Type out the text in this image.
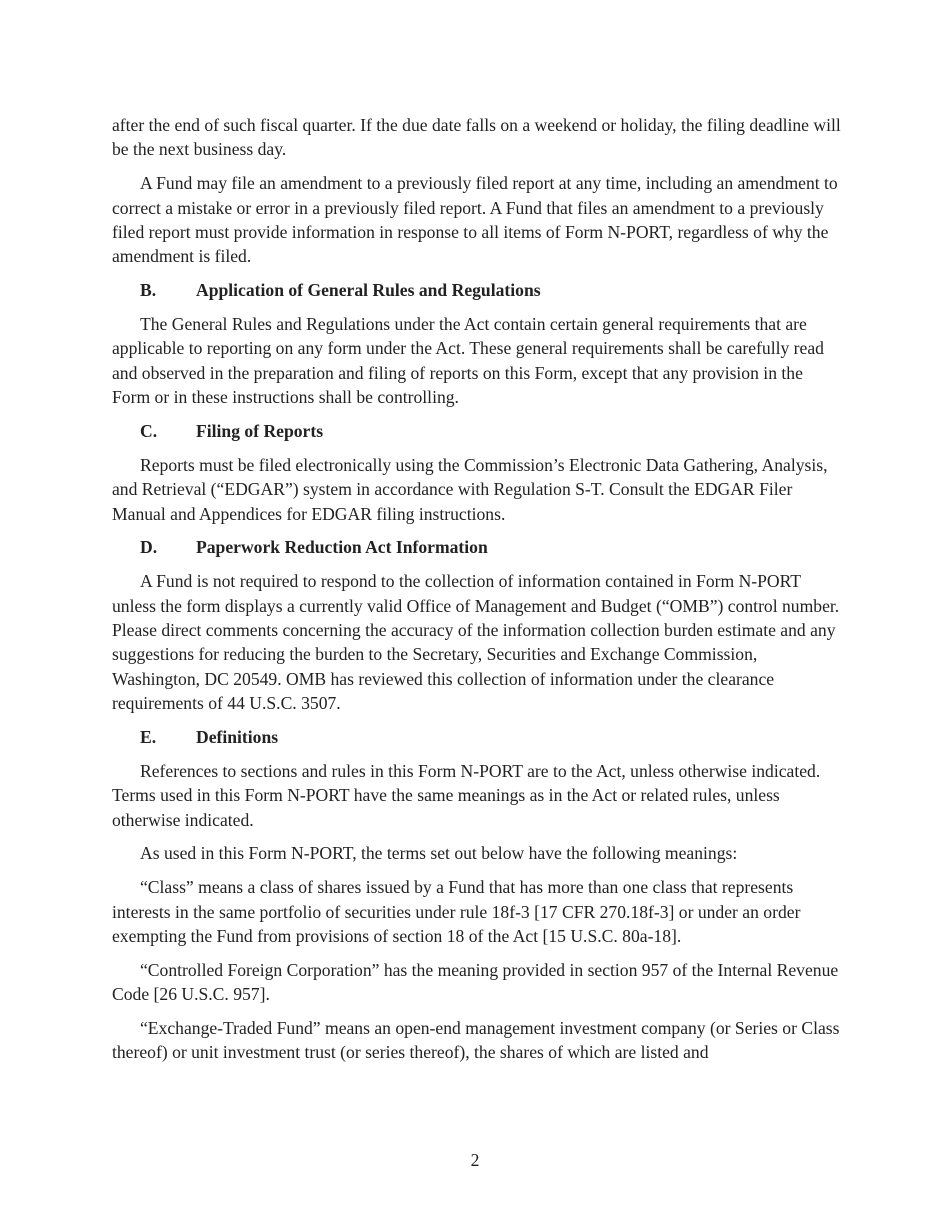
after the end of such fiscal quarter. If the due date falls on a weekend or holiday, the filing deadline will be the next business day.

A Fund may file an amendment to a previously filed report at any time, including an amendment to correct a mistake or error in a previously filed report. A Fund that files an amendment to a previously filed report must provide information in response to all items of Form N-PORT, regardless of why the amendment is filed.

B.	Application of General Rules and Regulations

The General Rules and Regulations under the Act contain certain general requirements that are applicable to reporting on any form under the Act. These general requirements shall be carefully read and observed in the preparation and filing of reports on this Form, except that any provision in the Form or in these instructions shall be controlling.

C.	Filing of Reports

Reports must be filed electronically using the Commission’s Electronic Data Gathering, Analysis, and Retrieval (“EDGAR”) system in accordance with Regulation S-T. Consult the EDGAR Filer Manual and Appendices for EDGAR filing instructions.

D.	Paperwork Reduction Act Information

A Fund is not required to respond to the collection of information contained in Form N-PORT unless the form displays a currently valid Office of Management and Budget (“OMB”) control number. Please direct comments concerning the accuracy of the information collection burden estimate and any suggestions for reducing the burden to the Secretary, Securities and Exchange Commission, Washington, DC 20549. OMB has reviewed this collection of information under the clearance requirements of 44 U.S.C. 3507.

E.	Definitions

References to sections and rules in this Form N-PORT are to the Act, unless otherwise indicated. Terms used in this Form N-PORT have the same meanings as in the Act or related rules, unless otherwise indicated.

As used in this Form N-PORT, the terms set out below have the following meanings:

“Class” means a class of shares issued by a Fund that has more than one class that represents interests in the same portfolio of securities under rule 18f-3 [17 CFR 270.18f-3] or under an order exempting the Fund from provisions of section 18 of the Act [15 U.S.C. 80a-18].

“Controlled Foreign Corporation” has the meaning provided in section 957 of the Internal Revenue Code [26 U.S.C. 957].

“Exchange-Traded Fund” means an open-end management investment company (or Series or Class thereof) or unit investment trust (or series thereof), the shares of which are listed and

2
